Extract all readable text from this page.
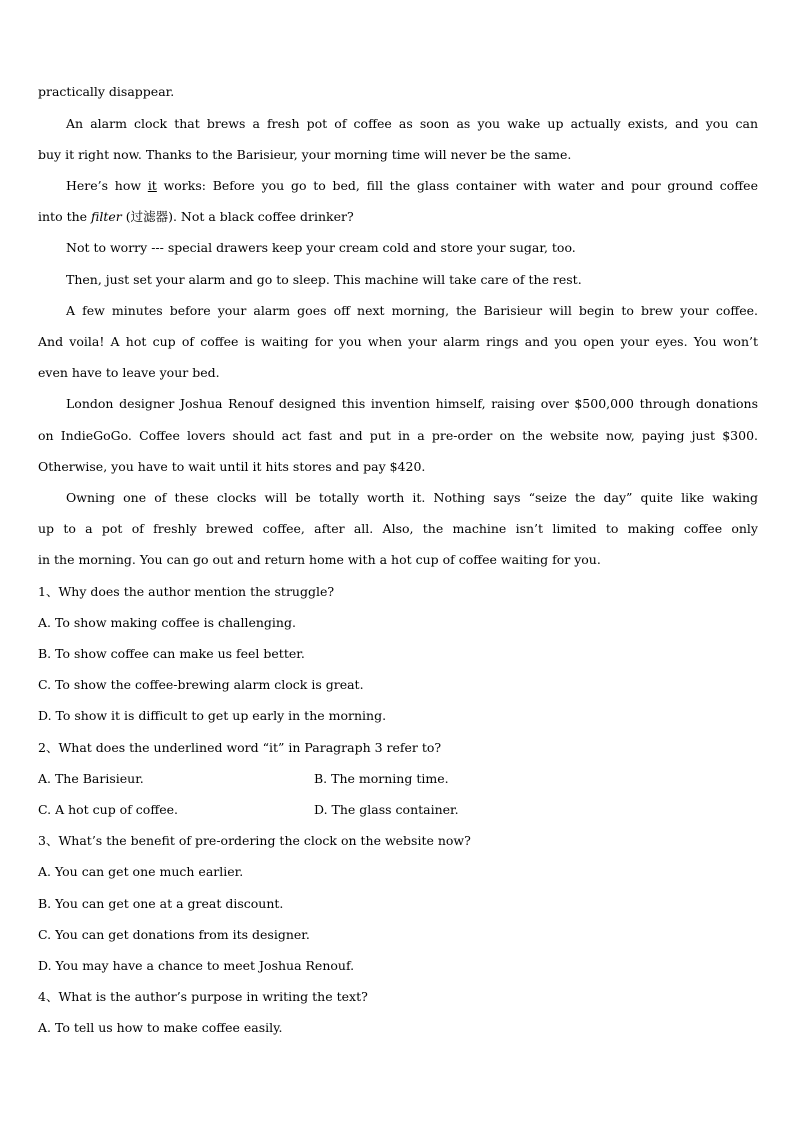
practically disappear.
An alarm clock that brews a fresh pot of coffee as soon as you wake up actually exists, and you can
buy it right now. Thanks to the Barisieur, your morning time will never be the same.
Here’s how it works: Before you go to bed, fill the glass container with water and pour ground coffee
into the filter (过滤器). Not a black coffee drinker?
Not to worry --- special drawers keep your cream cold and store your sugar, too.
Then, just set your alarm and go to sleep. This machine will take care of the rest.
A few minutes before your alarm goes off next morning, the Barisieur will begin to brew your coffee.
And voila! A hot cup of coffee is waiting for you when your alarm rings and you open your eyes. You won’t
even have to leave your bed.
London designer Joshua Renouf designed this invention himself, raising over $500,000 through donations
on IndieGoGo. Coffee lovers should act fast and put in a pre-order on the website now, paying just $300.
Otherwise, you have to wait until it hits stores and pay $420.
Owning one of these clocks will be totally worth it. Nothing says “seize the day” quite like waking
up to a pot of freshly brewed coffee, after all. Also, the machine isn’t limited to making coffee only
in the morning. You can go out and return home with a hot cup of coffee waiting for you.
1、Why does the author mention the struggle?
A. To show making coffee is challenging.
B. To show coffee can make us feel better.
C. To show the coffee-brewing alarm clock is great.
D. To show it is difficult to get up early in the morning.
2、What does the underlined word “it” in Paragraph 3 refer to?
A. The Barisieur.	B. The morning time.
C. A hot cup of coffee.	D. The glass container.
3、What’s the benefit of pre-ordering the clock on the website now?
A. You can get one much earlier.
B. You can get one at a great discount.
C. You can get donations from its designer.
D. You may have a chance to meet Joshua Renouf.
4、What is the author’s purpose in writing the text?
A. To tell us how to make coffee easily.
